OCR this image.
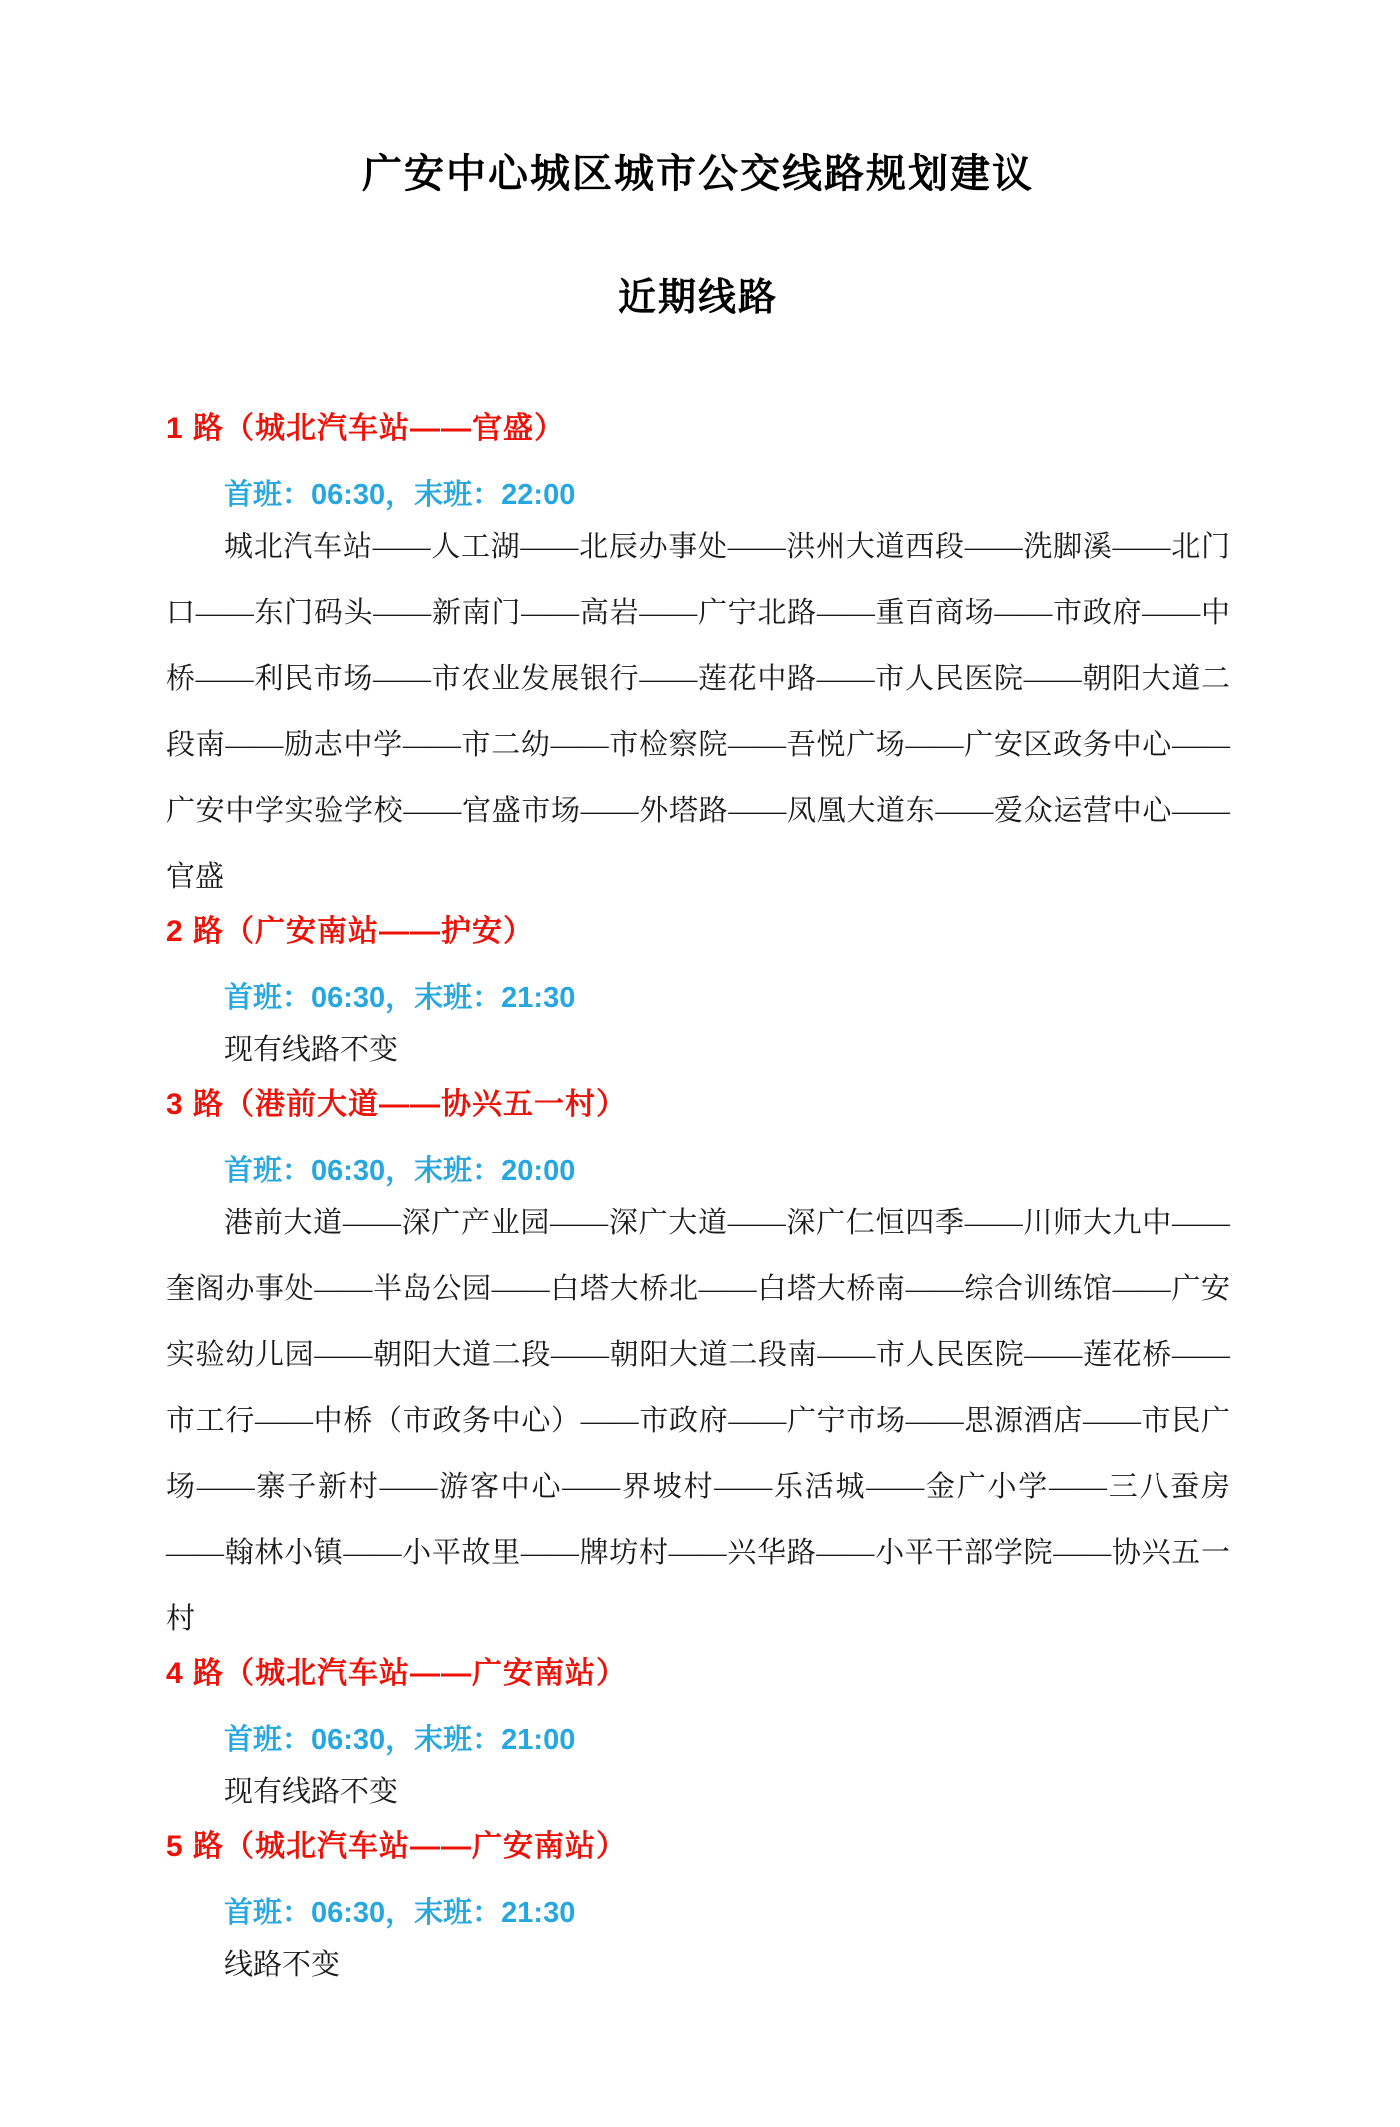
广安中心城区城市公交线路规划建议
近期线路
1 路（城北汽车站——官盛）
首班：06:30，末班：22:00
城北汽车站——人工湖——北辰办事处——洪州大道西段——洗脚溪——北门口——东门码头——新南门——高岩——广宁北路——重百商场——市政府——中桥——利民市场——市农业发展银行——莲花中路——市人民医院——朝阳大道二段南——励志中学——市二幼——市检察院——吾悦广场——广安区政务中心——广安中学实验学校——官盛市场——外塔路——凤凰大道东——爱众运营中心——官盛
2 路（广安南站——护安）
首班：06:30，末班：21:30
现有线路不变
3 路（港前大道——协兴五一村）
首班：06:30，末班：20:00
港前大道——深广产业园——深广大道——深广仁恒四季——川师大九中——奎阁办事处——半岛公园——白塔大桥北——白塔大桥南——综合训练馆——广安实验幼儿园——朝阳大道二段——朝阳大道二段南——市人民医院——莲花桥——市工行——中桥（市政务中心）——市政府——广宁市场——思源酒店——市民广场——寨子新村——游客中心——界坡村——乐活城——金广小学——三八蚕房——翰林小镇——小平故里——牌坊村——兴华路——小平干部学院——协兴五一村
4 路（城北汽车站——广安南站）
首班：06:30，末班：21:00
现有线路不变
5 路（城北汽车站——广安南站）
首班：06:30，末班：21:30
线路不变
